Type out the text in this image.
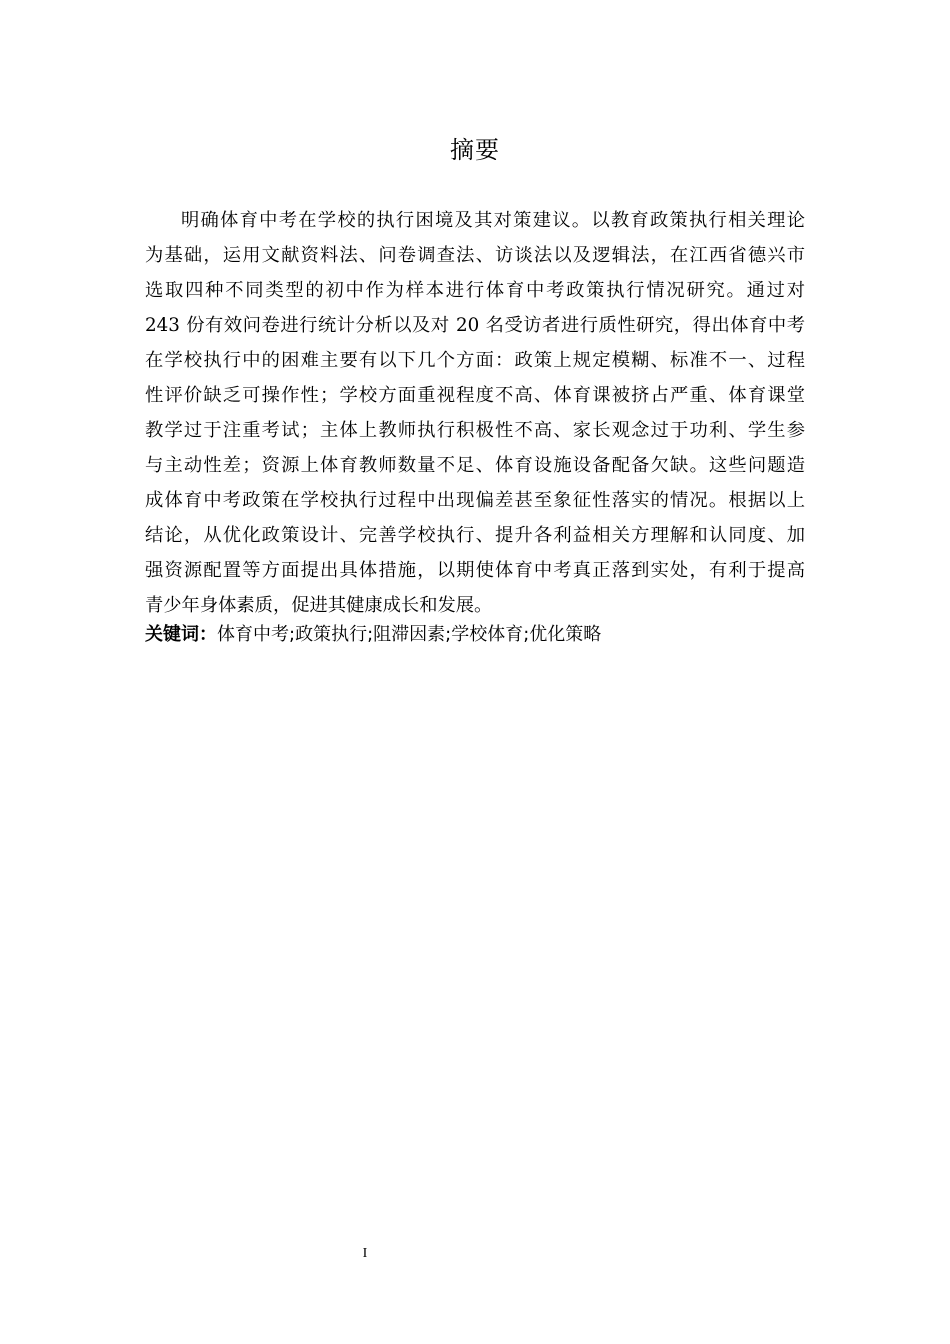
摘要
明确体育中考在学校的执行困境及其对策建议。以教育政策执行相关理论
为基础，运用文献资料法、问卷调查法、访谈法以及逻辑法，在江西省德兴市
选取四种不同类型的初中作为样本进行体育中考政策执行情况研究。通过对
243 份有效问卷进行统计分析以及对 20 名受访者进行质性研究，得出体育中考
在学校执行中的困难主要有以下几个方面：政策上规定模糊、标准不一、过程
性评价缺乏可操作性；学校方面重视程度不高、体育课被挤占严重、体育课堂
教学过于注重考试；主体上教师执行积极性不高、家长观念过于功利、学生参
与主动性差；资源上体育教师数量不足、体育设施设备配备欠缺。这些问题造
成体育中考政策在学校执行过程中出现偏差甚至象征性落实的情况。根据以上
结论，从优化政策设计、完善学校执行、提升各利益相关方理解和认同度、加
强资源配置等方面提出具体措施，以期使体育中考真正落到实处，有利于提高
青少年身体素质，促进其健康成长和发展。
关键词：体育中考;政策执行;阻滞因素;学校体育;优化策略
I
